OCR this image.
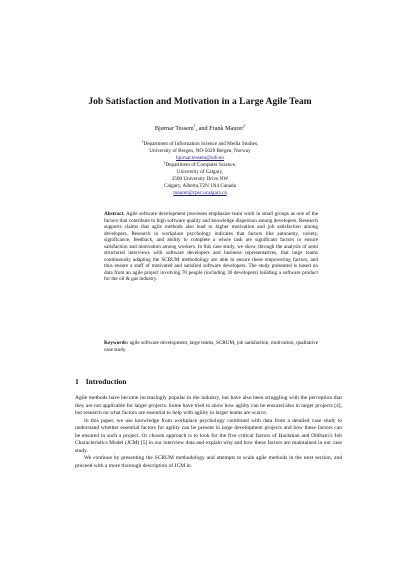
Job Satisfaction and Motivation in a Large Agile Team
Bjørnar Tessem$^1$, and Frank Maurer$^2$
$^1$Department of Information Science and Media Studies,
University of Bergen, NO-5020 Bergen, Norway
bjornar.tessem@uib.no
$^2$Department of Computer Science,
University of Calgary,
2500 University Drive NW
Calgary, Alberta,T2N 1N4 Canada
maurer@cpsc.ucalgary.ca
Abstract. Agile software development processes emphasize team work in small groups as one of the factors that contribute to high software quality and knowledge dispersion among developers. Research supports claims that agile methods also lead to higher motivation and job satisfaction among developers. Research in workplace psychology indicates that factors like autonomy, variety, significance, feedback, and ability to complete a whole task are significant factors to ensure satisfaction and motivation among workers. In this case study, we show, through the analysis of semi structured interviews with software developers and business representatives, that large teams continuously adapting the SCRUM methodology are able to ensure these empowering factors, and thus ensure a staff of motivated and satisfied software developers. The study presented is based on data from an agile project involving 70 people (including 30 developers) building a software product for the oil & gas industry.
Keywords: agile software development, large teams, SCRUM, job satisfaction, motivation, qualitative case study.
1 Introduction

Agile methods have become increasingly popular in the industry, but have also been struggling with the perception that they are not applicable for larger projects. Some have tried to show how agility can be ensured also in larger projects [4], but research on what factors are essential to help with agility in larger teams are scarce.

In this paper, we use knowledge from workplace psychology combined with data from a detailed case study to understand whether essential factors for agility can be present in large development projects and how these factors can be ensured in such a project. Or chosen approach is to look for the five critical factors of Hackman and Oldham’s Job Characteristics Model (JCM) [5] in our interview data and explain why and how these factors are maintained in our case study.

We continue by presenting the SCRUM methodology and attempts to scale agile methods in the next section, and proceed with a more thorough description of JCM in
